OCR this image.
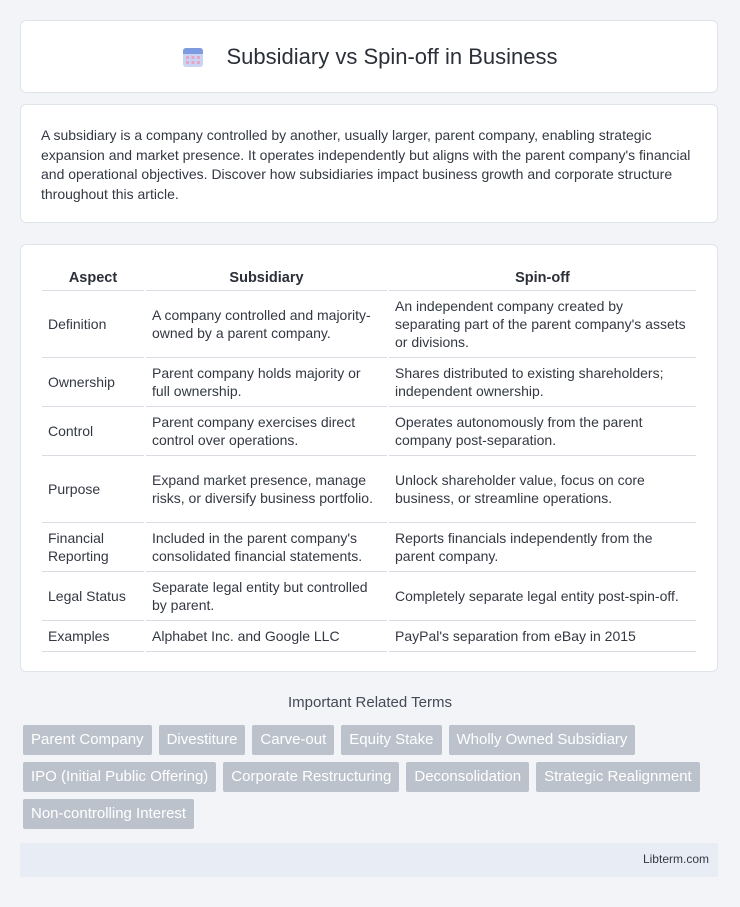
Subsidiary vs Spin-off in Business

A subsidiary is a company controlled by another, usually larger, parent company, enabling strategic expansion and market presence. It operates independently but aligns with the parent company's financial and operational objectives. Discover how subsidiaries impact business growth and corporate structure throughout this article.

Aspect	Subsidiary	Spin-off
Definition	A company controlled and majority-owned by a parent company.	An independent company created by separating part of the parent company's assets or divisions.
Ownership	Parent company holds majority or full ownership.	Shares distributed to existing shareholders; independent ownership.
Control	Parent company exercises direct control over operations.	Operates autonomously from the parent company post-separation.
Purpose	Expand market presence, manage risks, or diversify business portfolio.	Unlock shareholder value, focus on core business, or streamline operations.
Financial Reporting	Included in the parent company's consolidated financial statements.	Reports financials independently from the parent company.
Legal Status	Separate legal entity but controlled by parent.	Completely separate legal entity post-spin-off.
Examples	Alphabet Inc. and Google LLC	PayPal's separation from eBay in 2015
Important Related Terms
Parent Company	Divestiture	Carve-out	Equity Stake	Wholly Owned Subsidiary
IPO (Initial Public Offering)	Corporate Restructuring	Deconsolidation	Strategic Realignment
Non-controlling Interest
Libterm.com
